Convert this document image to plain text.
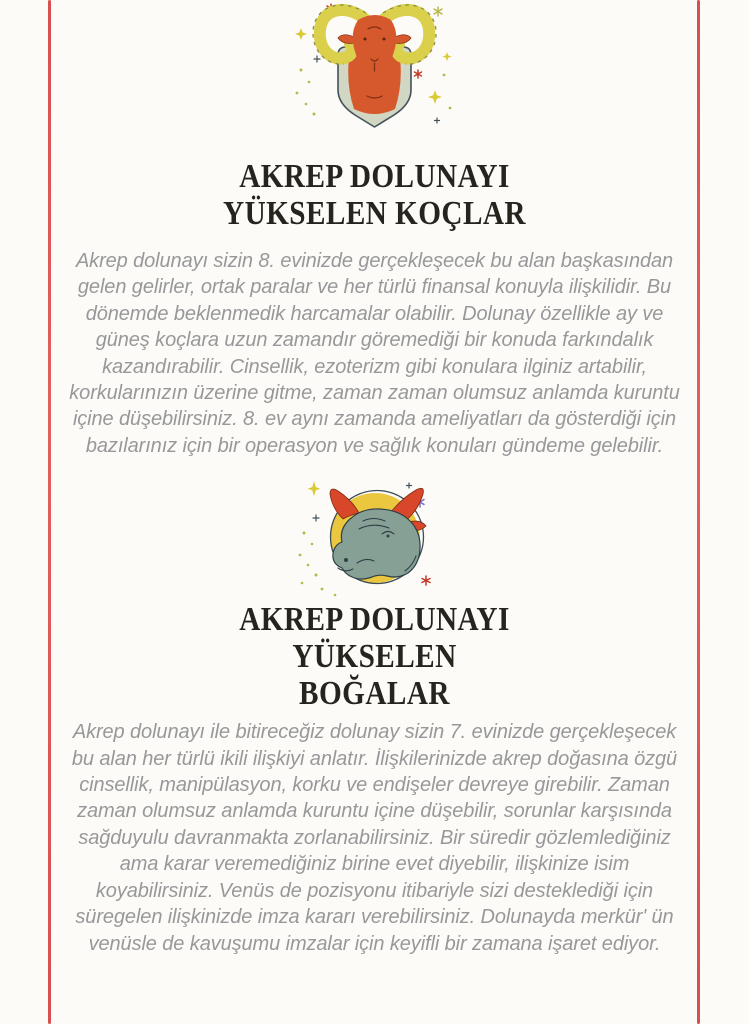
AKREP DOLUNAYI
YÜKSELEN KOÇLAR

Akrep dolunayı sizin 8. evinizde gerçekleşecek bu alan başkasından gelen gelirler, ortak paralar ve her türlü finansal konuyla ilişkilidir. Bu dönemde beklenmedik harcamalar olabilir. Dolunay özellikle ay ve güneş koçlara uzun zamandır göremediği bir konuda farkındalık kazandırabilir. Cinsellik, ezoterizm gibi konulara ilginiz artabilir, korkularınızın üzerine gitme, zaman zaman olumsuz anlamda kuruntu içine düşebilirsiniz. 8. ev aynı zamanda ameliyatları da gösterdiği için bazılarınız için bir operasyon ve sağlık konuları gündeme gelebilir.

AKREP DOLUNAYI
YÜKSELEN
BOĞALAR

Akrep dolunayı ile bitireceğiz dolunay sizin 7. evinizde gerçekleşecek bu alan her türlü ikili ilişkiyi anlatır. İlişkilerinizde akrep doğasına özgü cinsellik, manipülasyon, korku ve endişeler devreye girebilir. Zaman zaman olumsuz anlamda kuruntu içine düşebilir, sorunlar karşısında sağduyulu davranmakta zorlanabilirsiniz. Bir süredir gözlemlediğiniz ama karar veremediğiniz birine evet diyebilir, ilişkinize isim koyabilirsiniz. Venüs de pozisyonu itibariyle sizi desteklediği için süregelen ilişkinizde imza kararı verebilirsiniz. Dolunayda merkür' ün venüsle de kavuşumu imzalar için keyifli bir zamana işaret ediyor.
